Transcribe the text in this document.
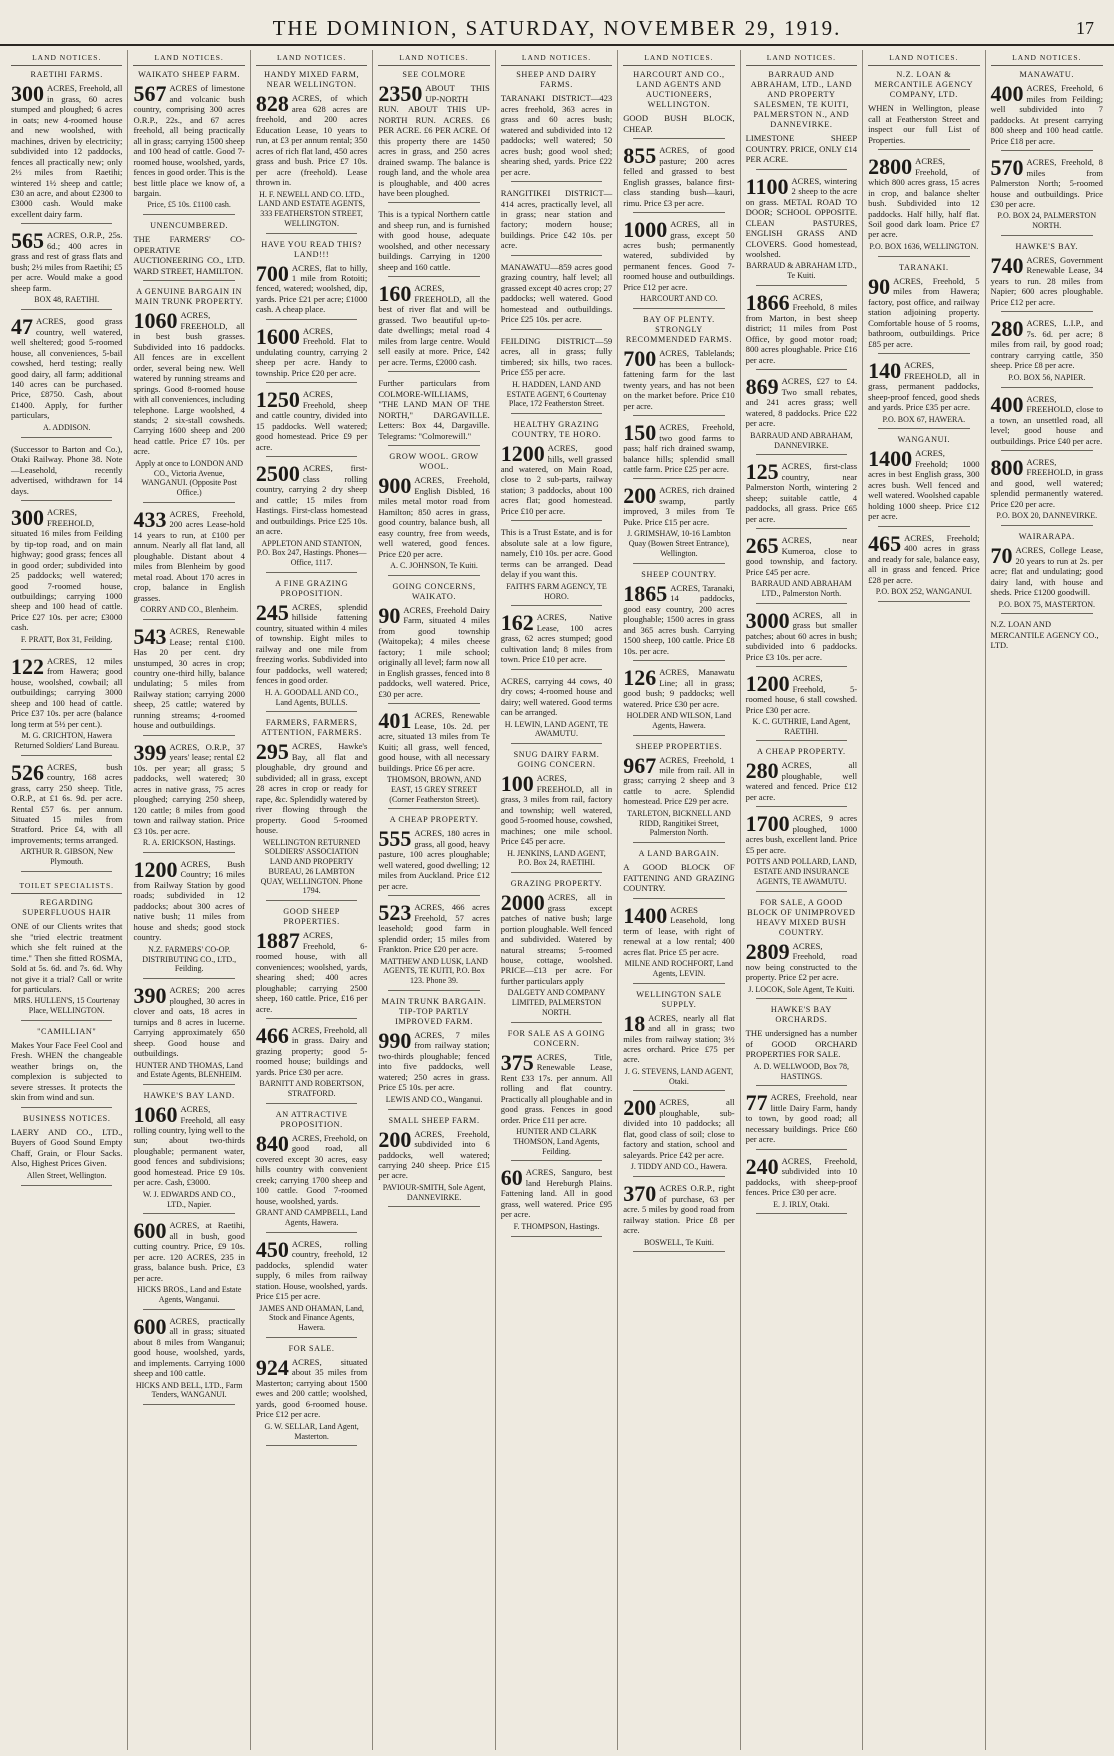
THE DOMINION, SATURDAY, NOVEMBER 29, 1919.	17
LAND NOTICES.
RAETIHI FARMS.
300 ACRES, Freehold, all in grass, 60 acres stumped and ploughed; 6 acres in oats; new 4-roomed house and new woolshed, with machines, driven by electricity; subdivided into 12 paddocks, fences all practically new; only 2½ miles from Raetihi; wintered 1½ sheep and cattle; £30 an acre, and about £2300 to £3000 cash. Would make excellent dairy farm.
565 ACRES, O.R.P., 25s. 6d.; 400 acres in grass and rest of grass flats and bush; 2½ miles from Raetihi; £5 per acre. Would make a good sheep farm.
BOX 48, RAETIHI.
47 ACRES, good grass country, well watered, well sheltered; good 5-roomed house, all conveniences, 5-bail cowshed, herd testing; really good dairy, all farm; additional 140 acres can be purchased. Price, £8750. Cash, about £1400. Apply, for further particulars,
A. ADDISON.
(Successor to Barton and Co.), Otaki Railway. Phone 38. Note—Leasehold, recently advertised, withdrawn for 14 days.
300 ACRES, FREEHOLD, situated 16 miles from Feilding by tip-top road, and on main highway; good grass; fences all in good order; subdivided into 25 paddocks; well watered; good 7-roomed house, outbuildings; carrying 1000 sheep and 100 head of cattle. Price £27 10s. per acre; £3000 cash.
F. PRATT, Box 31, Feilding.
122 ACRES, 12 miles from Hawera; good house, woolshed, cowbail; all outbuildings; carrying 3000 sheep and 100 head of cattle. Price £37 10s. per acre (balance long term at 5½ per cent.).
M. G. CRICHTON, Hawera Returned Soldiers' Land Bureau.
526 ACRES, bush country, 168 acres grass, carry 250 sheep. Title, O.R.P., at £1 6s. 9d. per acre. Rental £57 6s. per annum. Situated 15 miles from Stratford. Price £4, with all improvements; terms arranged.
ARTHUR R. GIBSON, New Plymouth.
TOILET SPECIALISTS.
REGARDING SUPERFLUOUS HAIR
ONE of our Clients writes that she "tried electric treatment which she felt ruined at the time." Then she fitted ROSMA, Sold at 5s. 6d. and 7s. 6d. Why not give it a trial? Call or write for particulars.
MRS. HULLEN'S, 15 Courtenay Place, WELLINGTON.
"CAMILLIAN"
Makes Your Face Feel Cool and Fresh. WHEN the changeable weather brings on, the complexion is subjected to severe stresses. It protects the skin from wind and sun.
BUSINESS NOTICES.
LAERY AND CO., LTD., Buyers of Good Sound Empty Chaff, Grain, or Flour Sacks. Also, Highest Prices Given.
Allen Street, Wellington.
LAND NOTICES.
WAIKATO SHEEP FARM.
567 ACRES of limestone and volcanic bush country, comprising 300 acres O.R.P., 22s., and 67 acres freehold, all being practically all in grass; carrying 1500 sheep and 100 head of cattle. Good 7-roomed house, woolshed, yards, fences in good order. This is the best little place we know of, a bargain.
Price, £5 10s. £1100 cash.
UNENCUMBERED.
THE FARMERS' CO-OPERATIVE AUCTIONEERING CO., LTD. WARD STREET, HAMILTON.
A GENUINE BARGAIN IN MAIN TRUNK PROPERTY.
1060 ACRES, FREEHOLD, all in best bush grasses. Subdivided into 16 paddocks. All fences are in excellent order, several being new. Well watered by running streams and springs. Good 8-roomed house with all conveniences, including telephone. Large woolshed, 4 stands; 2 six-stall cowsheds. Carrying 1600 sheep and 200 head cattle. Price £7 10s. per acre.
Apply at once to LONDON AND CO., Victoria Avenue, WANGANUI. (Opposite Post Office.)
433 ACRES, Freehold, 200 acres Lease-hold 14 years to run, at £100 per annum. Nearly all flat land, all ploughable. Distant about 4 miles from Blenheim by good metal road. About 170 acres in crop, balance in English grasses.
CORRY AND CO., Blenheim.
543 ACRES, Renewable Lease; rental £100. Has 20 per cent. dry unstumped, 30 acres in crop; country one-third hilly, balance undulating; 5 miles from Railway station; carrying 2000 sheep, 25 cattle; watered by running streams; 4-roomed house and outbuildings.
399 ACRES, O.R.P., 37 years' lease; rental £2 10s. per year; all grass; 5 paddocks, well watered; 30 acres in native grass, 75 acres ploughed; carrying 250 sheep, 120 cattle; 8 miles from good town and railway station. Price £3 10s. per acre.
R. A. ERICKSON, Hastings.
1200 ACRES, Bush Country; 16 miles from Railway Station by good roads; subdivided in 12 paddocks; about 300 acres of native bush; 11 miles from house and sheds; good stock country.
N.Z. FARMERS' CO-OP. DISTRIBUTING CO., LTD., Feilding.
390 ACRES; 200 acres ploughed, 30 acres in clover and oats, 18 acres in turnips and 8 acres in lucerne. Carrying approximately 650 sheep. Good house and outbuildings.
HUNTER AND THOMAS, Land and Estate Agents, BLENHEIM.
HAWKE'S BAY LAND.
1060 ACRES, Freehold, all easy rolling country, lying well to the sun; about two-thirds ploughable; permanent water, good fences and subdivisions; good homestead. Price £9 10s. per acre. Cash, £3000.
W. J. EDWARDS AND CO., LTD., Napier.
600 ACRES, at Raetihi, all in bush, good cutting country. Price, £9 10s. per acre. 120 ACRES, 235 in grass, balance bush. Price, £3 per acre.
HICKS BROS., Land and Estate Agents, Wanganui.
600 ACRES, practically all in grass; situated about 8 miles from Wanganui; good house, woolshed, yards, and implements. Carrying 1000 sheep and 100 cattle.
HICKS AND BELL, LTD., Farm Tenders, WANGANUI.
LAND NOTICES.
HANDY MIXED FARM, NEAR WELLINGTON.
828 ACRES, of which area 628 acres are freehold, and 200 acres Education Lease, 10 years to run, at £3 per annum rental; 350 acres of rich flat land, 450 acres grass and bush. Price £7 10s. per acre (freehold). Lease thrown in.
H. F. NEWELL AND CO. LTD., LAND AND ESTATE AGENTS, 333 FEATHERSTON STREET, WELLINGTON.
HAVE YOU READ THIS? LAND!!!
700 ACRES, flat to hilly, 1 mile from Rotoiti; fenced, watered; woolshed, dip, yards. Price £21 per acre; £1000 cash. A cheap place.
1600 ACRES, Freehold. Flat to undulating country, carrying 2 sheep per acre. Handy to township. Price £20 per acre.
1250 ACRES, Freehold, sheep and cattle country, divided into 15 paddocks. Well watered; good homestead. Price £9 per acre.
2500 ACRES, first-class rolling country, carrying 2 dry sheep and cattle; 15 miles from Hastings. First-class homestead and outbuildings. Price £25 10s. an acre.
APPLETON AND STANTON, P.O. Box 247, Hastings. Phones—Office, 1117.
A FINE GRAZING PROPOSITION.
245 ACRES, splendid hillside fattening country, situated within 4 miles of township. Eight miles to railway and one mile from freezing works. Subdivided into four paddocks, well watered; fences in good order.
H. A. GOODALL AND CO., Land Agents, BULLS.
FARMERS, FARMERS, ATTENTION, FARMERS.
295 ACRES, Hawke's Bay, all flat and ploughable, dry ground and subdivided; all in grass, except 28 acres in crop or ready for rape, &c. Splendidly watered by river flowing through the property. Good 5-roomed house.
WELLINGTON RETURNED SOLDIERS' ASSOCIATION LAND AND PROPERTY BUREAU, 26 LAMBTON QUAY, WELLINGTON. Phone 1794.
GOOD SHEEP PROPERTIES.
1887 ACRES, Freehold, 6-roomed house, with all conveniences; woolshed, yards, shearing shed; 400 acres ploughable; carrying 2500 sheep, 160 cattle. Price, £16 per acre.
466 ACRES, Freehold, all in grass. Dairy and grazing property; good 5-roomed house; buildings and yards. Price £30 per acre.
BARNITT AND ROBERTSON, STRATFORD.
AN ATTRACTIVE PROPOSITION.
840 ACRES, Freehold, on good road, all covered except 30 acres, easy hills country with convenient creek; carrying 1700 sheep and 100 cattle. Good 7-roomed house, woolshed, yards.
GRANT AND CAMPBELL, Land Agents, Hawera.
450 ACRES, rolling country, freehold, 12 paddocks, splendid water supply, 6 miles from railway station. House, woolshed, yards. Price £15 per acre.
JAMES AND OHAMAN, Land, Stock and Finance Agents, Hawera.
FOR SALE.
924 ACRES, situated about 35 miles from Masterton; carrying about 1500 ewes and 200 cattle; woolshed, yards, good 6-roomed house. Price £12 per acre.
G. W. SELLAR, Land Agent, Masterton.
LAND NOTICES.
SEE COLMORE
2350 ABOUT THIS UP-NORTH RUN. ABOUT THIS UP-NORTH RUN. ACRES. £6 PER ACRE. £6 PER ACRE. Of this property there are 1450 acres in grass, and 250 acres drained swamp. The balance is rough land, and the whole area is ploughable, and 400 acres have been ploughed.
This is a typical Northern cattle and sheep run, and is furnished with good house, adequate woolshed, and other necessary buildings. Carrying in 1200 sheep and 160 cattle.
160 ACRES, FREEHOLD, all the best of river flat and will be grassed. Two beautiful up-to-date dwellings; metal road 4 miles from large centre. Would sell easily at more. Price, £42 per acre. Terms, £2000 cash.
Further particulars from COLMORE-WILLIAMS, "THE LAND MAN OF THE NORTH," DARGAVILLE. Letters: Box 44, Dargaville. Telegrams: "Colmorewill."
GROW WOOL. GROW WOOL.
900 ACRES, Freehold, English Disbled, 16 miles metal motor road from Hamilton; 850 acres in grass, good country, balance bush, all easy country, free from weeds, well watered, good fences. Price £20 per acre.
A. C. JOHNSON, Te Kuiti.
GOING CONCERNS, WAIKATO.
90 ACRES, Freehold Dairy Farm, situated 4 miles from good township (Waitopeka); 4 miles cheese factory; 1 mile school; originally all level; farm now all in English grasses, fenced into 8 paddocks, well watered. Price, £30 per acre.
401 ACRES, Renewable Lease, 10s. 2d. per acre, situated 13 miles from Te Kuiti; all grass, well fenced, good house, with all necessary buildings. Price £6 per acre.
THOMSON, BROWN, AND EAST, 15 GREY STREET (Corner Featherston Street).
A CHEAP PROPERTY.
555 ACRES, 180 acres in grass, all good, heavy pasture, 100 acres ploughable; well watered, good dwelling; 12 miles from Auckland. Price £12 per acre.
523 ACRES, 466 acres Freehold, 57 acres leasehold; good farm in splendid order; 15 miles from Frankton. Price £20 per acre.
MATTHEW AND LUSK, LAND AGENTS, TE KUITI, P.O. Box 123. Phone 39.
MAIN TRUNK BARGAIN. TIP-TOP PARTLY IMPROVED FARM.
990 ACRES, 7 miles from railway station; two-thirds ploughable; fenced into five paddocks, well watered; 250 acres in grass. Price £5 10s. per acre.
LEWIS AND CO., Wanganui.
SMALL SHEEP FARM.
200 ACRES, Freehold, subdivided into 6 paddocks, well watered; carrying 240 sheep. Price £15 per acre.
PAVIOUR-SMITH, Sole Agent, DANNEVIRKE.
LAND NOTICES.
SHEEP AND DAIRY FARMS.
TARANAKI DISTRICT—423 acres freehold, 363 acres in grass and 60 acres bush; watered and subdivided into 12 paddocks; well watered; 50 acres bush; good wool shed; shearing shed, yards. Price £22 per acre.
RANGITIKEI DISTRICT—414 acres, practically level, all in grass; near station and factory; modern house; buildings. Price £42 10s. per acre.
MANAWATU—859 acres good grazing country, half level; all grassed except 40 acres crop; 27 paddocks; well watered. Good homestead and outbuildings. Price £25 10s. per acre.
FEILDING DISTRICT—59 acres, all in grass; fully timbered; six hills, two races. Price £55 per acre.
H. HADDEN, LAND AND ESTATE AGENT, 6 Courtenay Place, 172 Featherston Street.
HEALTHY GRAZING COUNTRY, TE HORO.
1200 ACRES, good hills, well grassed and watered, on Main Road, close to 2 sub-parts, railway station; 3 paddocks, about 100 acres flat; good homestead. Price £10 per acre.
This is a Trust Estate, and is for absolute sale at a low figure, namely, £10 10s. per acre. Good terms can be arranged. Dead delay if you want this.
FAITH'S FARM AGENCY, TE HORO.
162 ACRES, Native Lease, 100 acres grass, 62 acres stumped; good cultivation land; 8 miles from town. Price £10 per acre.
ACRES, carrying 44 cows, 40 dry cows; 4-roomed house and dairy; well watered. Good terms can be arranged.
H. LEWIN, LAND AGENT, TE AWAMUTU.
SNUG DAIRY FARM. GOING CONCERN.
100 ACRES, FREEHOLD, all in grass, 3 miles from rail, factory and township; well watered, good 5-roomed house, cowshed, machines; one mile school. Price £45 per acre.
H. JENKINS, LAND AGENT, P.O. Box 24, RAETIHI.
GRAZING PROPERTY.
2000 ACRES, all in grass except patches of native bush; large portion ploughable. Well fenced and subdivided. Watered by natural streams; 5-roomed house, cottage, woolshed. PRICE—£13 per acre. For further particulars apply
DALGETY AND COMPANY LIMITED, PALMERSTON NORTH.
FOR SALE AS A GOING CONCERN.
375 ACRES, Title, Renewable Lease, Rent £33 17s. per annum. All rolling and flat country. Practically all ploughable and in good grass. Fences in good order. Price £11 per acre.
HUNTER AND CLARK THOMSON, Land Agents, Feilding.
60 ACRES, Sanguro, best land Hereburgh Plains. Fattening land. All in good grass, well watered. Price £95 per acre.
F. THOMPSON, Hastings.
LAND NOTICES.
HARCOURT AND CO., LAND AGENTS AND AUCTIONEERS, WELLINGTON.
GOOD BUSH BLOCK, CHEAP.
855 ACRES, of good pasture; 200 acres felled and grassed to best English grasses, balance first-class standing bush—kauri, rimu. Price £3 per acre.
1000 ACRES, all in grass, except 50 acres bush; permanently watered, subdivided by permanent fences. Good 7-roomed house and outbuildings. Price £12 per acre.
HARCOURT AND CO.
BAY OF PLENTY. STRONGLY RECOMMENDED FARMS.
700 ACRES, Tablelands; has been a bullock-fattening farm for the last twenty years, and has not been on the market before. Price £10 per acre.
150 ACRES, Freehold, two good farms to pass; half rich drained swamp, balance hills; splendid small cattle farm. Price £25 per acre.
200 ACRES, rich drained swamp, partly improved, 3 miles from Te Puke. Price £15 per acre.
J. GRIMSHAW, 10-16 Lambton Quay (Bowen Street Entrance), Wellington.
SHEEP COUNTRY.
1865 ACRES, Taranaki, 14 paddocks, good easy country, 200 acres ploughable; 1500 acres in grass and 365 acres bush. Carrying 1500 sheep, 100 cattle. Price £8 10s. per acre.
126 ACRES, Manawatu Line; all in grass; good bush; 9 paddocks; well watered. Price £30 per acre.
HOLDER AND WILSON, Land Agents, Hawera.
SHEEP PROPERTIES.
967 ACRES, Freehold, 1 mile from rail. All in grass; carrying 2 sheep and 3 cattle to acre. Splendid homestead. Price £29 per acre.
TARLETON, BICKNELL AND RIDD, Rangitikei Street, Palmerston North.
A LAND BARGAIN.
A GOOD BLOCK OF FATTENING AND GRAZING COUNTRY.
1400 ACRES Leasehold, long term of lease, with right of renewal at a low rental; 400 acres flat. Price £5 per acre.
MILNE AND ROCHFORT, Land Agents, LEVIN.
WELLINGTON SALE SUPPLY.
18 ACRES, nearly all flat and all in grass; two miles from railway station; 3½ acres orchard. Price £75 per acre.
J. G. STEVENS, LAND AGENT, Otaki.
200 ACRES, all ploughable, sub-divided into 10 paddocks; all flat, good class of soil; close to factory and station, school and saleyards. Price £42 per acre.
J. TIDDY AND CO., Hawera.
370 ACRES O.R.P., right of purchase, 63 per acre. 5 miles by good road from railway station. Price £8 per acre.
BOSWELL, Te Kuiti.
LAND NOTICES.
BARRAUD AND ABRAHAM, LTD., LAND AND PROPERTY SALESMEN, TE KUITI, PALMERSTON N., AND DANNEVIRKE.
LIMESTONE SHEEP COUNTRY. PRICE, ONLY £14 PER ACRE.
1100 ACRES, wintering 2 sheep to the acre on grass. METAL ROAD TO DOOR; SCHOOL OPPOSITE. CLEAN PASTURES, ENGLISH GRASS AND CLOVERS. Good homestead, woolshed.
BARRAUD & ABRAHAM LTD., Te Kuiti.
1866 ACRES, Freehold, 8 miles from Marton, in best sheep district; 11 miles from Post Office, by good motor road; 800 acres ploughable. Price £16 per acre.
869 ACRES, £27 to £4. Two small rebates, and 241 acres grass; well watered, 8 paddocks. Price £22 per acre.
BARRAUD AND ABRAHAM, DANNEVIRKE.
125 ACRES, first-class country, near Palmerston North, wintering 2 sheep; suitable cattle, 4 paddocks, all grass. Price £65 per acre.
265 ACRES, near Kumeroa, close to good township, and factory. Price £45 per acre.
BARRAUD AND ABRAHAM LTD., Palmerston North.
3000 ACRES, all in grass but smaller patches; about 60 acres in bush; subdivided into 6 paddocks. Price £3 10s. per acre.
1200 ACRES, Freehold, 5-roomed house, 6 stall cowshed. Price £30 per acre.
K. C. GUTHRIE, Land Agent, RAETIHI.
A CHEAP PROPERTY.
280 ACRES, all ploughable, well watered and fenced. Price £12 per acre.
1700 ACRES, 9 acres ploughed, 1000 acres bush, excellent land. Price £5 per acre.
POTTS AND POLLARD, LAND, ESTATE AND INSURANCE AGENTS, TE AWAMUTU.
FOR SALE, A GOOD BLOCK OF UNIMPROVED HEAVY MIXED BUSH COUNTRY.
2809 ACRES, Freehold, road now being constructed to the property. Price £2 per acre.
J. LOCOK, Sole Agent, Te Kuiti.
HAWKE'S BAY ORCHARDS.
THE undersigned has a number of GOOD ORCHARD PROPERTIES FOR SALE.
A. D. WELLWOOD, Box 78, HASTINGS.
77 ACRES, Freehold, near little Dairy Farm, handy to town, by good road; all necessary buildings. Price £60 per acre.
240 ACRES, Freehold, subdivided into 10 paddocks, with sheep-proof fences. Price £30 per acre.
E. J. IRLY, Otaki.
LAND NOTICES.
N.Z. LOAN & MERCANTILE AGENCY COMPANY, LTD.
WHEN in Wellington, please call at Featherston Street and inspect our full List of Properties.
2800 ACRES, Freehold, of which 800 acres grass, 15 acres in crop, and balance shelter bush. Subdivided into 12 paddocks. Half hilly, half flat. Soil good dark loam. Price £7 per acre.
P.O. BOX 1636, WELLINGTON.
TARANAKI.
90 ACRES, Freehold, 5 miles from Hawera; factory, post office, and railway station adjoining property. Comfortable house of 5 rooms, bathroom, outbuildings. Price £85 per acre.
140 ACRES, FREEHOLD, all in grass, permanent paddocks, sheep-proof fenced, good sheds and yards. Price £35 per acre.
P.O. BOX 67, HAWERA.
WANGANUI.
1400 ACRES, Freehold; 1000 acres in best English grass, 300 acres bush. Well fenced and well watered. Woolshed capable holding 1000 sheep. Price £12 per acre.
465 ACRES, Freehold; 400 acres in grass and ready for sale, balance easy, all in grass and fenced. Price £28 per acre.
P.O. BOX 252, WANGANUI.
LAND NOTICES.
MANAWATU.
400 ACRES, Freehold, 6 miles from Feilding; well subdivided into 7 paddocks. At present carrying 800 sheep and 100 head cattle. Price £18 per acre.
570 ACRES, Freehold, 8 miles from Palmerston North; 5-roomed house and outbuildings. Price £30 per acre.
P.O. BOX 24, PALMERSTON NORTH.
HAWKE'S BAY.
740 ACRES, Government Renewable Lease, 34 years to run. 28 miles from Napier; 600 acres ploughable. Price £12 per acre.
280 ACRES, L.I.P., and 7s. 6d. per acre; 8 miles from rail, by good road; contrary carrying cattle, 350 sheep. Price £8 per acre.
P.O. BOX 56, NAPIER.
400 ACRES, FREEHOLD, close to a town, an unsettled road, all level; good house and outbuildings. Price £40 per acre.
800 ACRES, FREEHOLD, in grass and good, well watered; splendid permanently watered. Price £20 per acre.
P.O. BOX 20, DANNEVIRKE.
WAIRARAPA.
70 ACRES, College Lease, 20 years to run at 2s. per acre; flat and undulating; good dairy land, with house and sheds. Price £1200 goodwill.
P.O. BOX 75, MASTERTON.
N.Z. LOAN AND MERCANTILE AGENCY CO., LTD.
